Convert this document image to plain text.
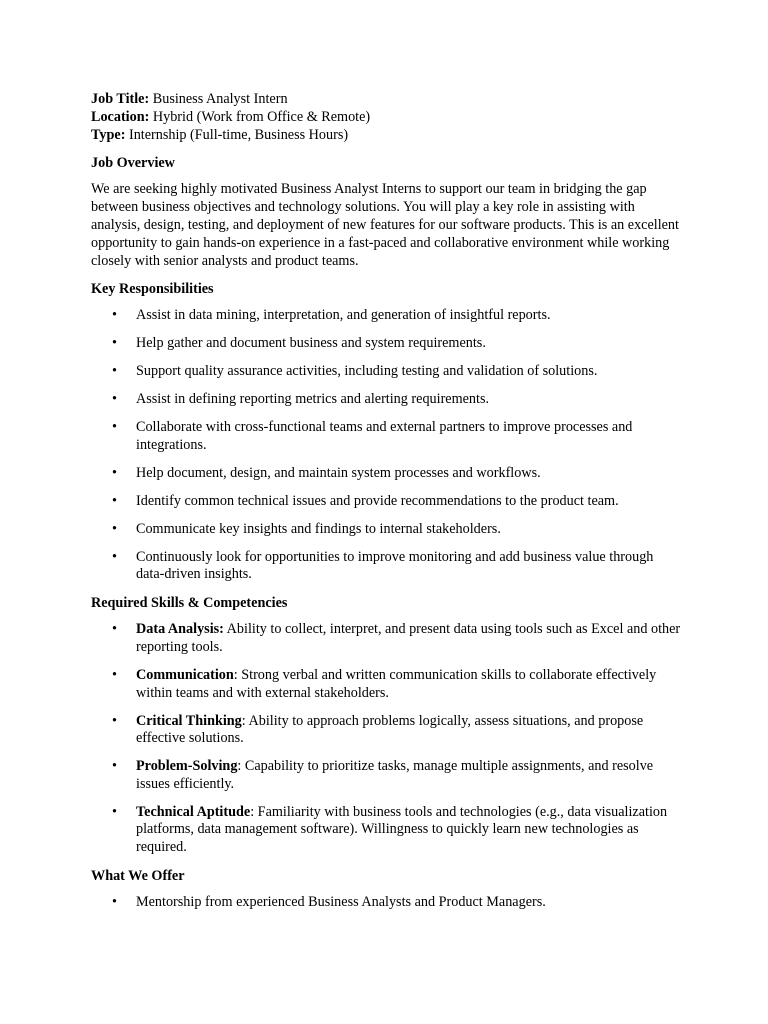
Job Title: Business Analyst Intern
Location: Hybrid (Work from Office & Remote)
Type: Internship (Full-time, Business Hours)
Job Overview

We are seeking highly motivated Business Analyst Interns to support our team in bridging the gap between business objectives and technology solutions. You will play a key role in assisting with analysis, design, testing, and deployment of new features for our software products. This is an excellent opportunity to gain hands-on experience in a fast-paced and collaborative environment while working closely with senior analysts and product teams.

Key Responsibilities
• Assist in data mining, interpretation, and generation of insightful reports.
• Help gather and document business and system requirements.
• Support quality assurance activities, including testing and validation of solutions.
• Assist in defining reporting metrics and alerting requirements.
• Collaborate with cross-functional teams and external partners to improve processes and integrations.
• Help document, design, and maintain system processes and workflows.
• Identify common technical issues and provide recommendations to the product team.
• Communicate key insights and findings to internal stakeholders.
• Continuously look for opportunities to improve monitoring and add business value through data-driven insights.
Required Skills & Competencies
• Data Analysis: Ability to collect, interpret, and present data using tools such as Excel and other reporting tools.
• Communication: Strong verbal and written communication skills to collaborate effectively within teams and with external stakeholders.
• Critical Thinking: Ability to approach problems logically, assess situations, and propose effective solutions.
• Problem-Solving: Capability to prioritize tasks, manage multiple assignments, and resolve issues efficiently.
• Technical Aptitude: Familiarity with business tools and technologies (e.g., data visualization platforms, data management software). Willingness to quickly learn new technologies as required.
What We Offer
• Mentorship from experienced Business Analysts and Product Managers.
